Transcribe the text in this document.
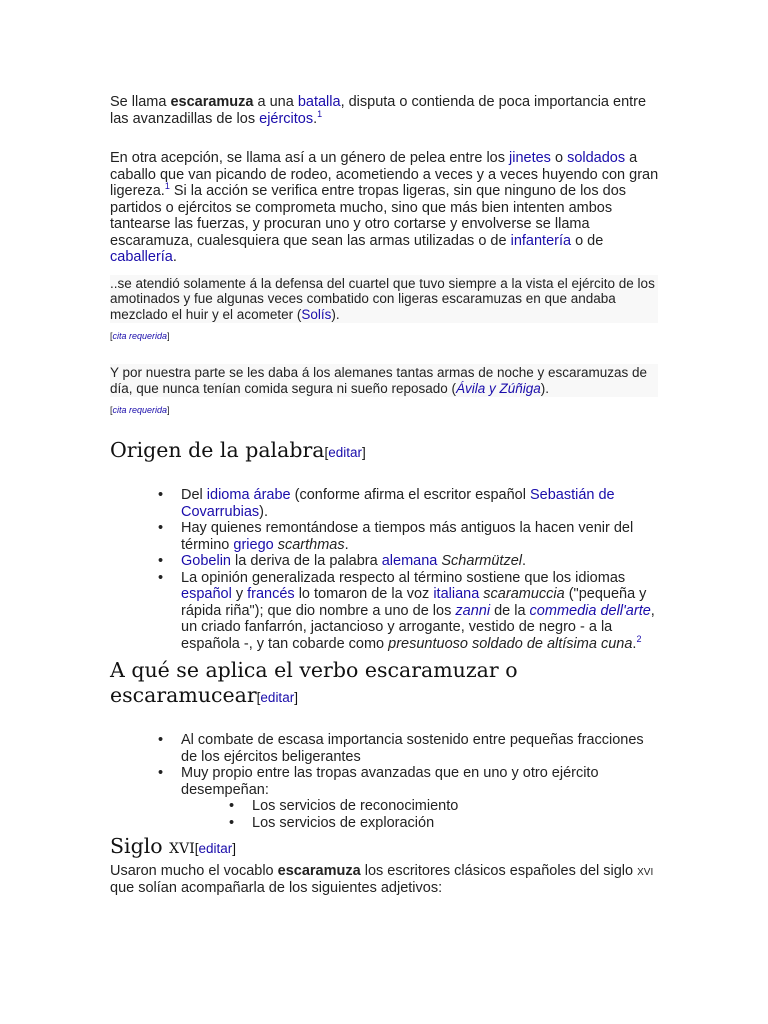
Se llama escaramuza a una batalla, disputa o contienda de poca importancia entre las avanzadillas de los ejércitos.$^1$

En otra acepción, se llama así a un género de pelea entre los jinetes o soldados a caballo que van picando de rodeo, acometiendo a veces y a veces huyendo con gran ligereza.$^1$ Si la acción se verifica entre tropas ligeras, sin que ninguno de los dos partidos o ejércitos se comprometa mucho, sino que más bien intenten ambos tantearse las fuerzas, y procuran uno y otro cortarse y envolverse se llama escaramuza, cualesquiera que sean las armas utilizadas o de infantería o de caballería.

..se atendió solamente á la defensa del cuartel que tuvo siempre a la vista el ejército de los amotinados y fue algunas veces combatido con ligeras escaramuzas en que andaba mezclado el huir y el acometer (Solís).

[cita requerida]

Y por nuestra parte se les daba á los alemanes tantas armas de noche y escaramuzas de día, que nunca tenían comida segura ni sueño reposado (Ávila y Zúñiga).

[cita requerida]

Origen de la palabra[editar]
• Del idioma árabe (conforme afirma el escritor español Sebastián de Covarrubias).
• Hay quienes remontándose a tiempos más antiguos la hacen venir del término griego scarthmas.
• Gobelin la deriva de la palabra alemana Scharmützel.
• La opinión generalizada respecto al término sostiene que los idiomas español y francés lo tomaron de la voz italiana scaramuccia ("pequeña y rápida riña"); que dio nombre a uno de los zanni de la commedia dell'arte, un criado fanfarrón, jactancioso y arrogante, vestido de negro - a la española -, y tan cobarde como presuntuoso soldado de altísima cuna.$^2$
A qué se aplica el verbo escaramuzar o escaramucear[editar]
• Al combate de escasa importancia sostenido entre pequeñas fracciones de los ejércitos beligerantes
• Muy propio entre las tropas avanzadas que en uno y otro ejército desempeñan:
• Los servicios de reconocimiento
• Los servicios de exploración
Siglo xvi[editar]

Usaron mucho el vocablo escaramuza los escritores clásicos españoles del siglo xvi que solían acompañarla de los siguientes adjetivos:
